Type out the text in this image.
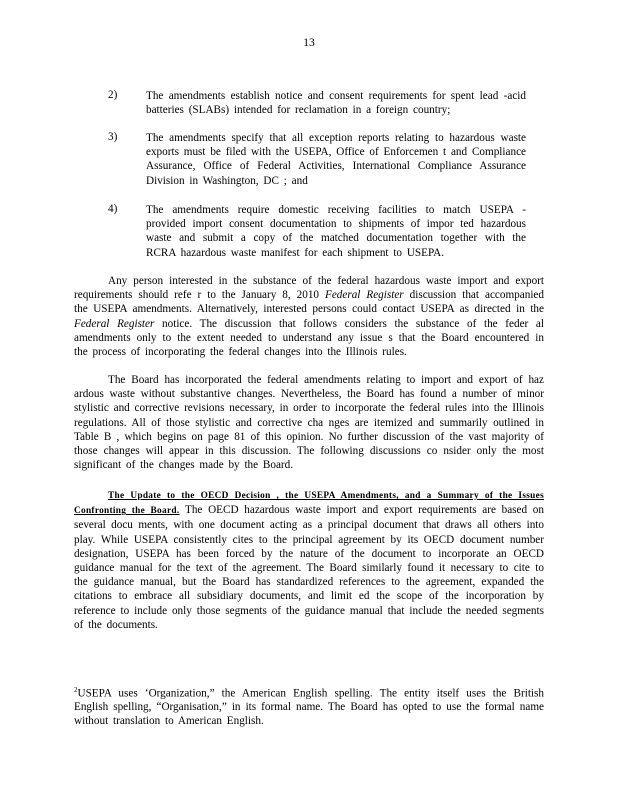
13
2)	The amendments establish notice and consent requirements for spent lead -acid batteries (SLABs) intended for reclamation in a foreign country;
3)	The amendments specify that all exception reports relating to hazardous waste exports must be filed with the USEPA, Office of Enforcemen t and Compliance Assurance, Office of Federal Activities, International Compliance Assurance Division in Washington, DC ; and
4)	The amendments require domestic receiving facilities to match USEPA - provided import consent documentation to shipments of impor ted hazardous waste and submit a copy of the matched documentation together with the RCRA hazardous waste manifest for each shipment to USEPA.
Any person interested in the substance of the federal hazardous waste import and export requirements should refe r to the January 8, 2010 Federal Register discussion that accompanied the USEPA amendments. Alternatively, interested persons could contact USEPA as directed in the Federal Register notice. The discussion that follows considers the substance of the feder al amendments only to the extent needed to understand any issue s that the Board encountered in the process of incorporating the federal changes into the Illinois rules.
The Board has incorporated the federal amendments relating to import and export of haz ardous waste without substantive changes. Nevertheless, the Board has found a number of minor stylistic and corrective revisions necessary, in order to incorporate the federal rules into the Illinois regulations. All of those stylistic and corrective cha nges are itemized and summarily outlined in Table B , which begins on page 81 of this opinion. No further discussion of the vast majority of those changes will appear in this discussion. The following discussions co nsider only the most significant of the changes made by the Board.
The Update to the OECD Decision , the USEPA Amendments, and a Summary of the Issues Confronting the Board. The OECD hazardous waste import and export requirements are based on several docu ments, with one document acting as a principal document that draws all others into play. While USEPA consistently cites to the principal agreement by its OECD document number designation, USEPA has been forced by the nature of the document to incorporate an OECD guidance manual for the text of the agreement. The Board similarly found it necessary to cite to the guidance manual, but the Board has standardized references to the agreement, expanded the citations to embrace all subsidiary documents, and limit ed the scope of the incorporation by reference to include only those segments of the guidance manual that include the needed segments of the documents.
$^2$USEPA uses ‘Organization,” the American English spelling. The entity itself uses the British English spelling, “Organisation,” in its formal name. The Board has opted to use the formal name without translation to American English.
